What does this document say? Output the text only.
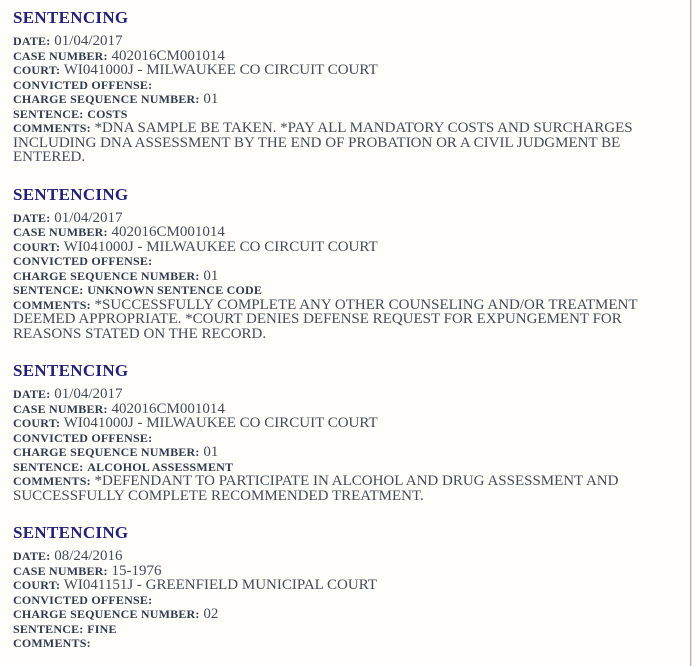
SENTENCING
DATE: 01/04/2017
CASE NUMBER: 402016CM001014
COURT: WI041000J - MILWAUKEE CO CIRCUIT COURT
CONVICTED OFFENSE:
CHARGE SEQUENCE NUMBER: 01
SENTENCE: COSTS
COMMENTS: *DNA SAMPLE BE TAKEN. *PAY ALL MANDATORY COSTS AND SURCHARGES INCLUDING DNA ASSESSMENT BY THE END OF PROBATION OR A CIVIL JUDGMENT BE ENTERED.
SENTENCING
DATE: 01/04/2017
CASE NUMBER: 402016CM001014
COURT: WI041000J - MILWAUKEE CO CIRCUIT COURT
CONVICTED OFFENSE:
CHARGE SEQUENCE NUMBER: 01
SENTENCE: UNKNOWN SENTENCE CODE
COMMENTS: *SUCCESSFULLY COMPLETE ANY OTHER COUNSELING AND/OR TREATMENT DEEMED APPROPRIATE. *COURT DENIES DEFENSE REQUEST FOR EXPUNGEMENT FOR REASONS STATED ON THE RECORD.
SENTENCING
DATE: 01/04/2017
CASE NUMBER: 402016CM001014
COURT: WI041000J - MILWAUKEE CO CIRCUIT COURT
CONVICTED OFFENSE:
CHARGE SEQUENCE NUMBER: 01
SENTENCE: ALCOHOL ASSESSMENT
COMMENTS: *DEFENDANT TO PARTICIPATE IN ALCOHOL AND DRUG ASSESSMENT AND SUCCESSFULLY COMPLETE RECOMMENDED TREATMENT.
SENTENCING
DATE: 08/24/2016
CASE NUMBER: 15-1976
COURT: WI041151J - GREENFIELD MUNICIPAL COURT
CONVICTED OFFENSE:
CHARGE SEQUENCE NUMBER: 02
SENTENCE: FINE
COMMENTS:
